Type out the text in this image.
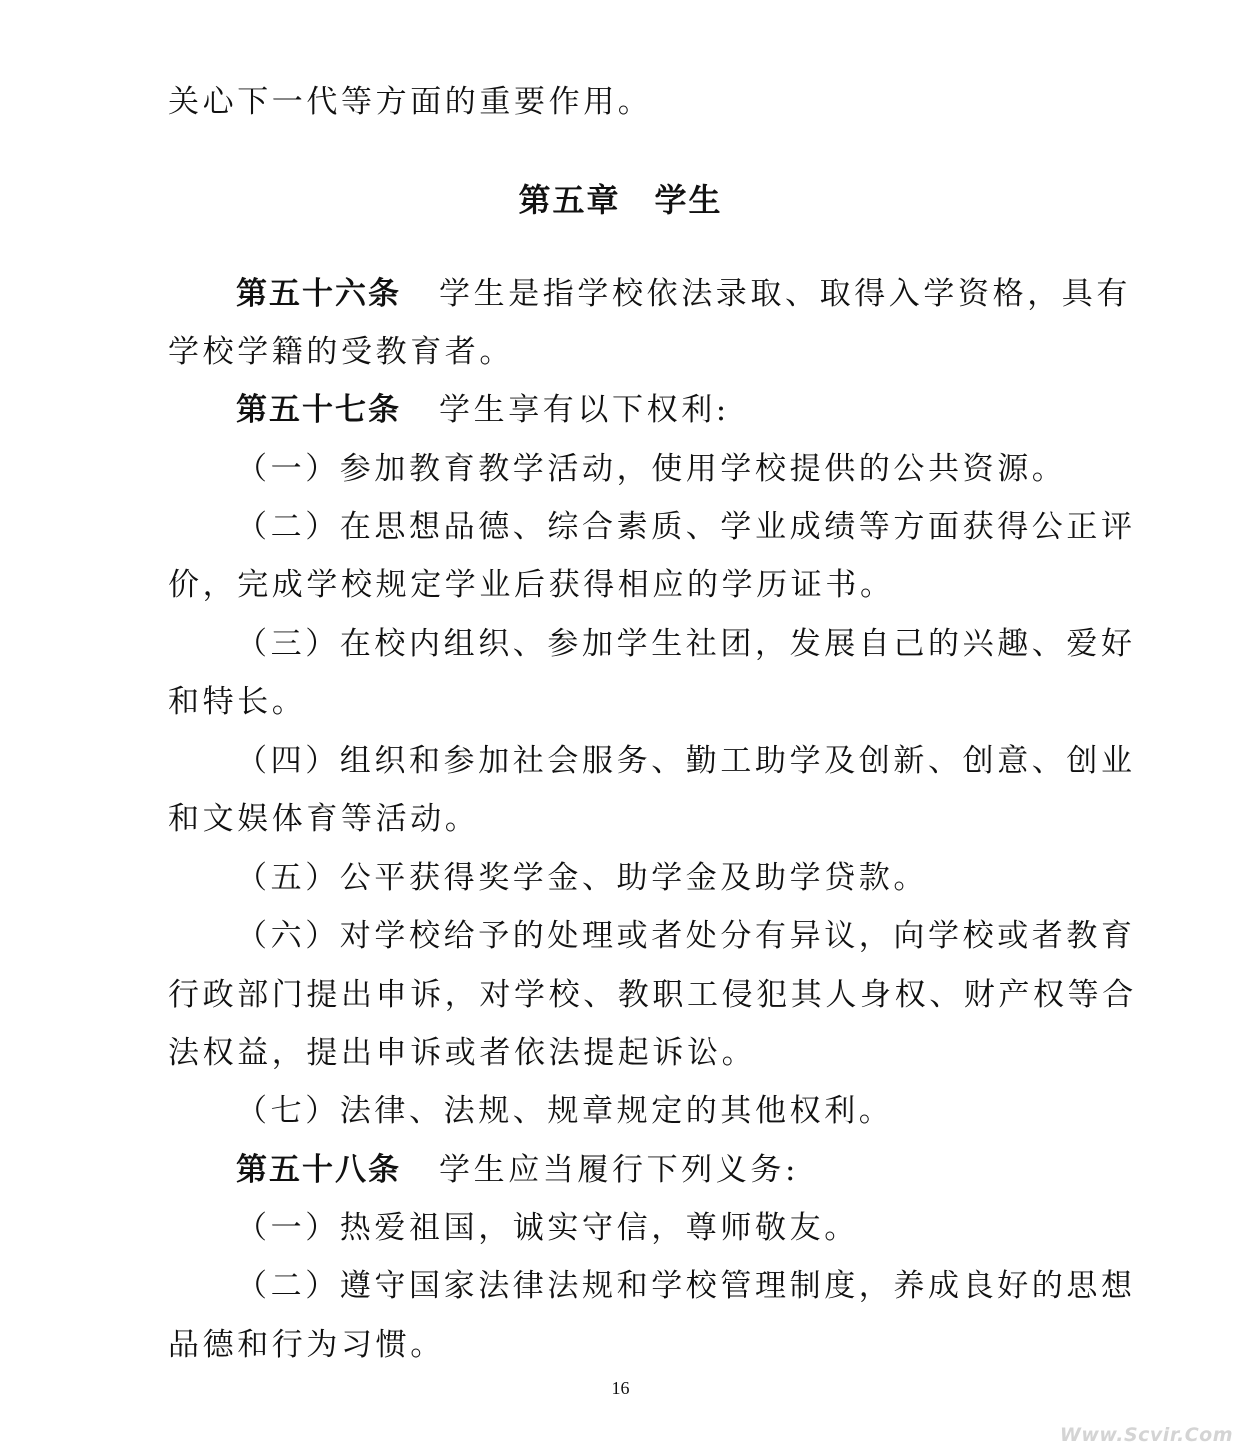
关心下一代等方面的重要作用。
第五章 学生
第五十六条 学生是指学校依法录取、取得入学资格，具有
学校学籍的受教育者。
第五十七条 学生享有以下权利:
（一）参加教育教学活动，使用学校提供的公共资源。
（二）在思想品德、综合素质、学业成绩等方面获得公正评
价，完成学校规定学业后获得相应的学历证书。
（三）在校内组织、参加学生社团，发展自己的兴趣、爱好
和特长。
（四）组织和参加社会服务、勤工助学及创新、创意、创业
和文娱体育等活动。
（五）公平获得奖学金、助学金及助学贷款。
（六）对学校给予的处理或者处分有异议，向学校或者教育
行政部门提出申诉，对学校、教职工侵犯其人身权、财产权等合
法权益，提出申诉或者依法提起诉讼。
（七）法律、法规、规章规定的其他权利。
第五十八条 学生应当履行下列义务:
（一）热爱祖国，诚实守信，尊师敬友。
（二）遵守国家法律法规和学校管理制度，养成良好的思想
品德和行为习惯。
16
Www.Scvir.Com
